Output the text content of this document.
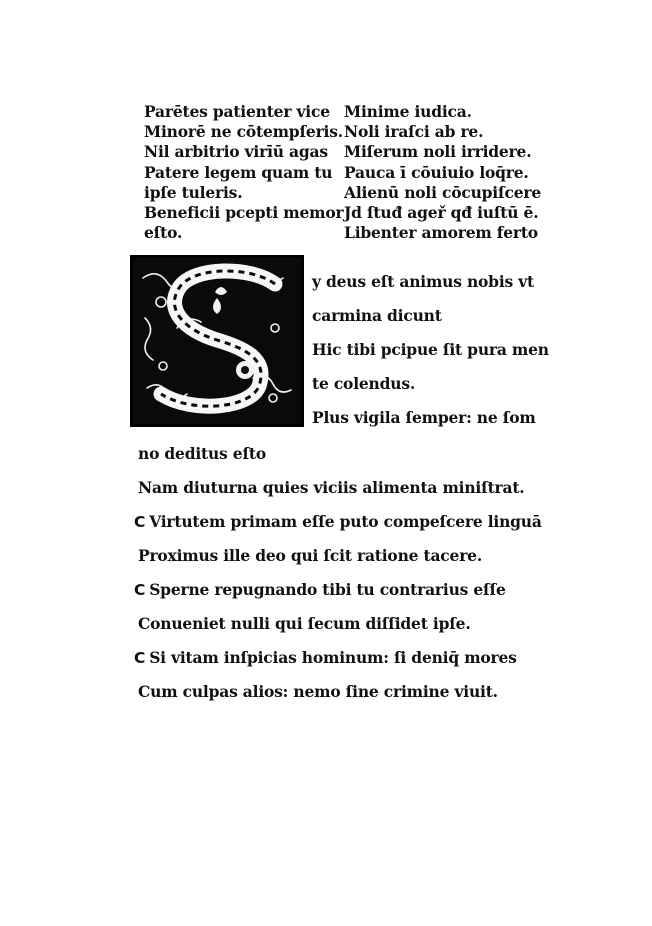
Parētes patienter vice
Minorē ne cōtempſeris.
Nil arbitrio virīū agas
Patere legem quam tu
ipſe tuleris.
Beneficii pcepti memor
eſto.
Minime iudica.
Noli iraſci ab re.
Miſerum noli irridere.
Pauca ī cōuiuio loq̄re.
Alienū noli cōcupiſcere
Jd ſtuđ ageř qđ iuſtū ē.
Libenter amorem ferto
y deus eſt animus nobis vt
carmina dicunt
Hic tibi pcipue ſit pura men
te colendus.
Plus vigila ſemper: ne ſom
no deditus eſto
Nam diuturna quies viciis alimenta miniſtrat.
C Virtutem primam eſſe puto compeſcere linguā
Proximus ille deo qui ſcit ratione tacere.
C Sperne repugnando tibi tu contrarius eſſe
Conueniet nulli qui ſecum diſſidet ipſe.
C Si vitam inſpicias hominum: ſi deniq̄ mores
Cum culpas alios: nemo ſine crimine viuit.
